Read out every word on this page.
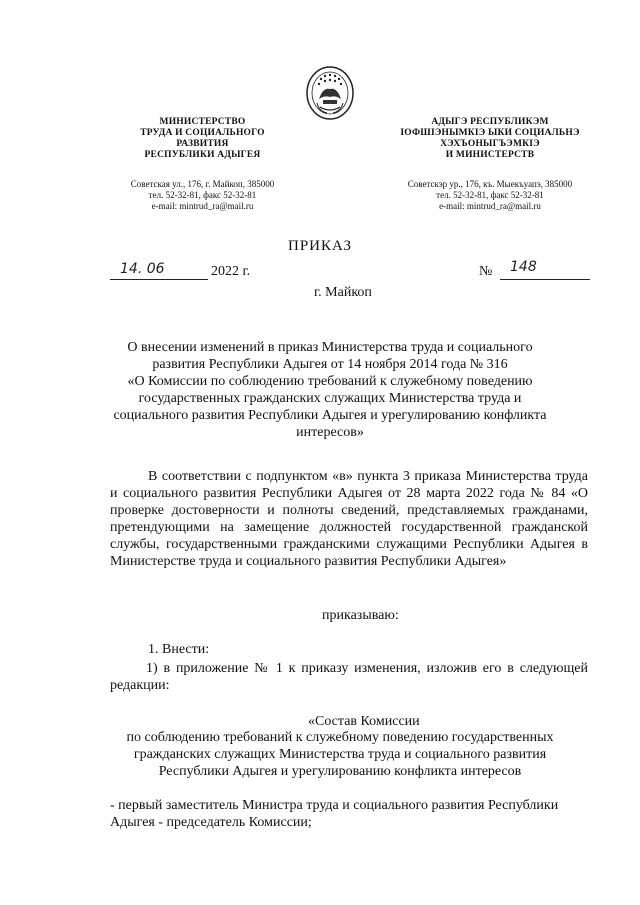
МИНИСТЕРСТВО
ТРУДА И СОЦИАЛЬНОГО
РАЗВИТИЯ
РЕСПУБЛИКИ АДЫГЕЯ
Советская ул., 176, г. Майкоп, 385000
тел. 52-32-81, факс 52-32-81
e-mail: mintrud_ra@mail.ru
АДЫГЭ РЕСПУБЛИКЭМ
ІОФШІЭНЫМКІЭ ЫКИ СОЦИАЛЬНЭ
ХЭХЪОНЫГЪЭМКІЭ
И МИНИСТЕРСТВ
Советскэр ур., 176, къ. Мыекъуапэ, 385000
тел. 52-32-81, факс 52-32-81
e-mail: mintrud_ra@mail.ru
ПРИКАЗ
14. 06	2022 г.	№ 148
г. Майкоп
О внесении изменений в приказ Министерства труда и социального
развития Республики Адыгея от 14 ноября 2014 года № 316
«О Комиссии по соблюдению требований к служебному поведению
государственных гражданских служащих Министерства труда и
социального развития Республики Адыгея и урегулированию конфликта
интересов»
В соответствии с подпунктом «в» пункта 3 приказа Министерства труда и социального развития Республики Адыгея от 28 марта 2022 года № 84 «О проверке достоверности и полноты сведений, представляемых гражданами, претендующими на замещение должностей государственной гражданской службы, государственными гражданскими служащими Республики Адыгея в Министерстве труда и социального развития Республики Адыгея»
приказываю:
1. Внести:
1) в приложение № 1 к приказу изменения, изложив его в следующей редакции:
«Состав Комиссии
по соблюдению требований к служебному поведению государственных
гражданских служащих Министерства труда и социального развития
Республики Адыгея и урегулированию конфликта интересов
- первый заместитель Министра труда и социального развития Республики Адыгея - председатель Комиссии;
